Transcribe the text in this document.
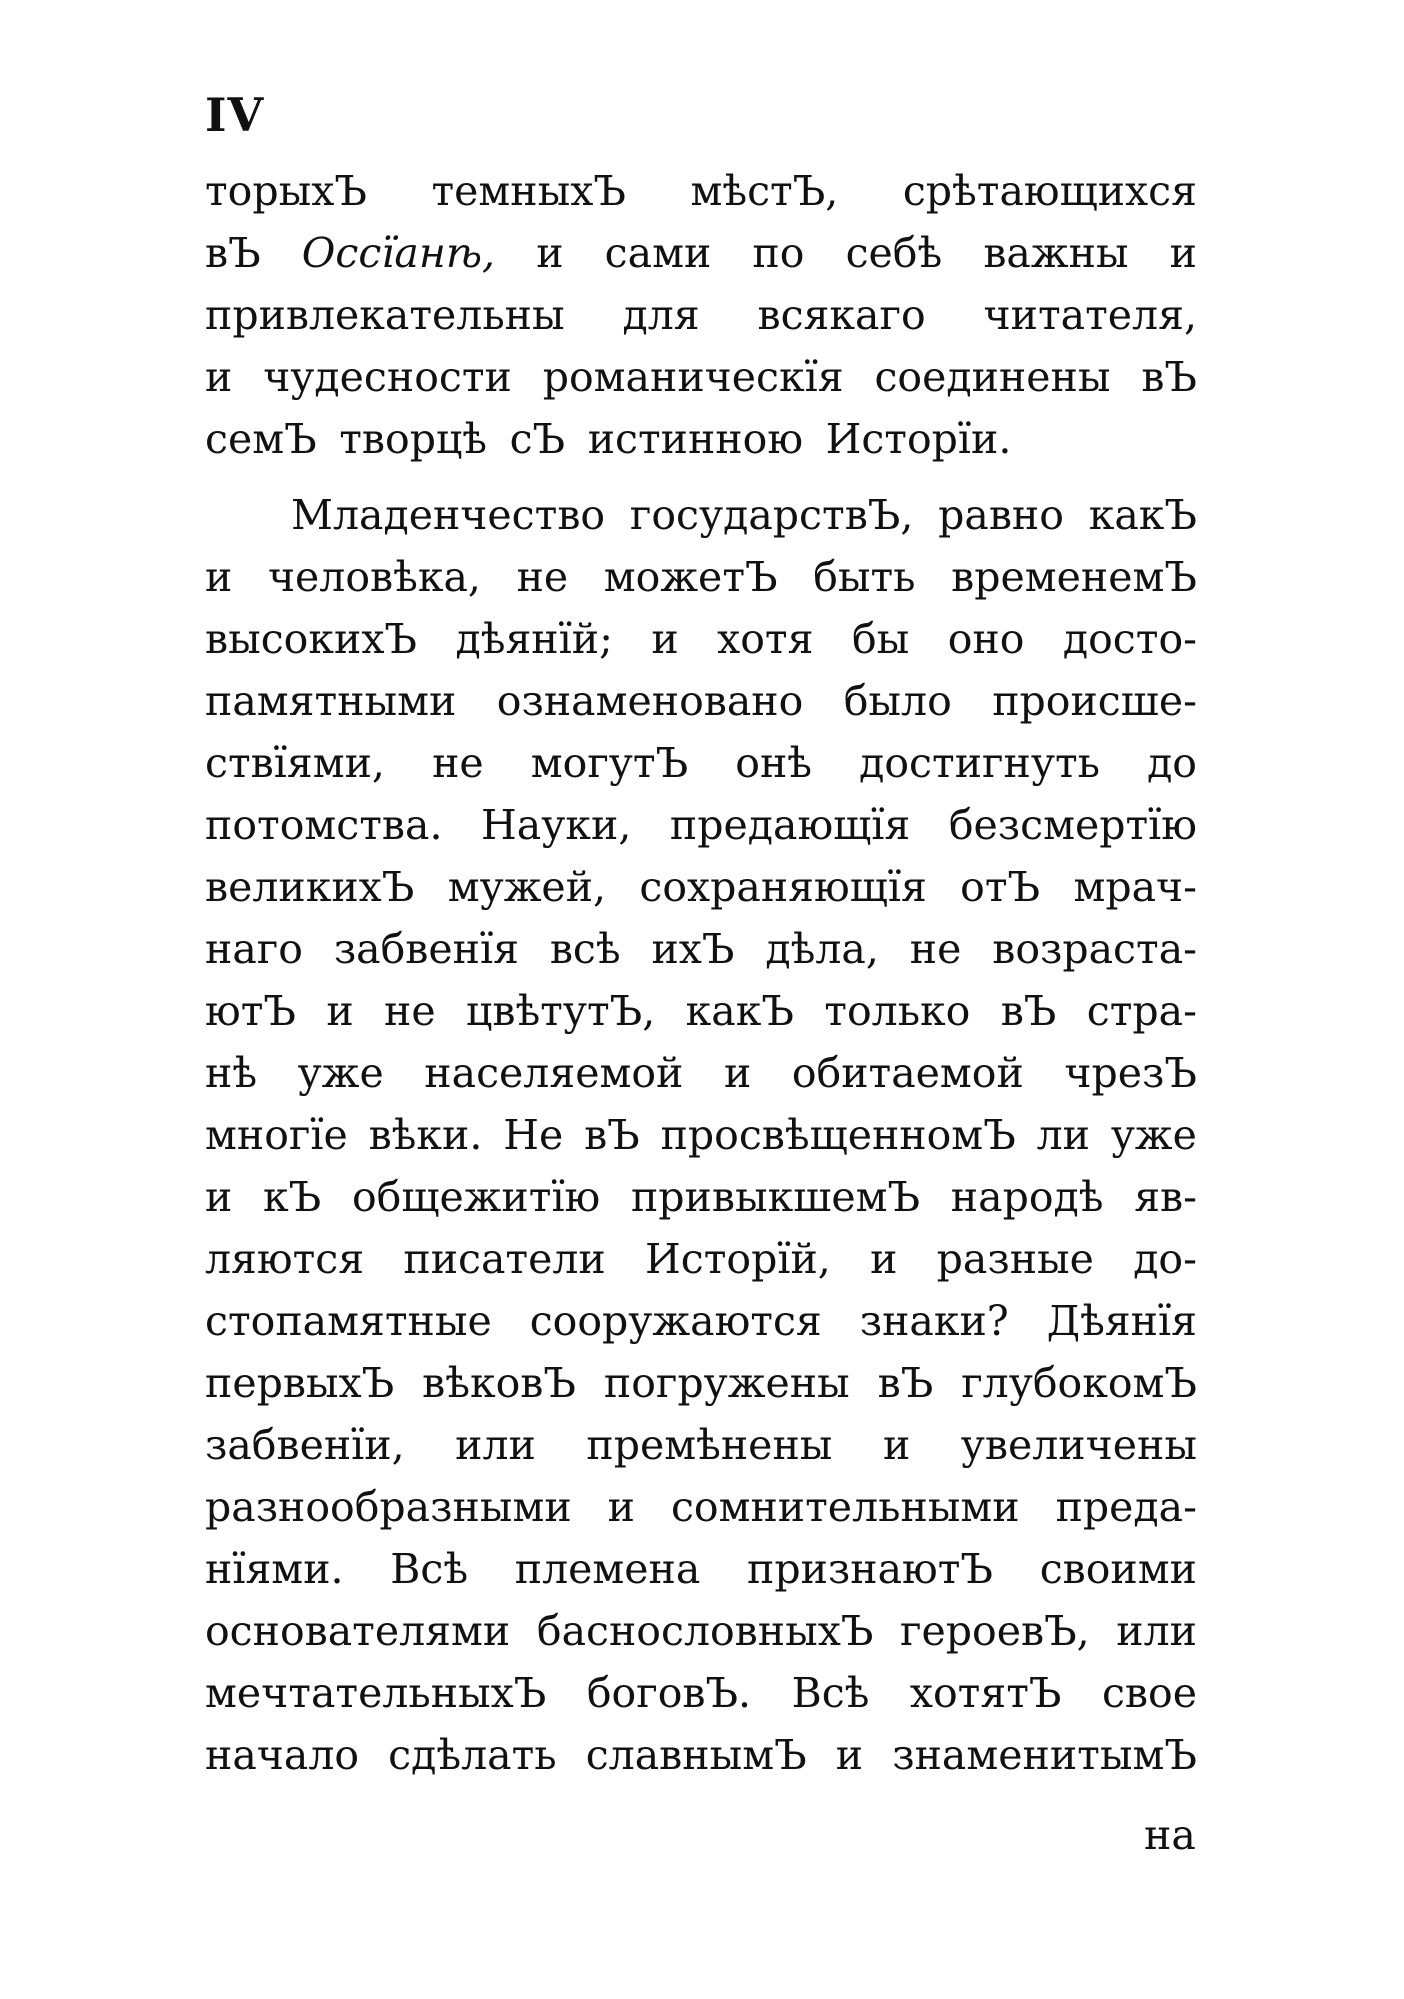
IV
торыхЪ темныхЪ мѣстЪ, срѣтающихся
вЪ Оссїанѣ, и сами по себѣ важны и
привлекательны для всякаго читателя,
и чудесности романическїя соединены вЪ
семЪ творцѣ сЪ истинною Исторїи.
Младенчество государствЪ, равно какЪ
и человѣка, не можетЪ быть временемЪ
высокихЪ дѣянїй; и хотя бы оно досто-
памятными ознаменовано было происше-
ствїями, не могутЪ онѣ достигнуть до
потомства. Науки, предающїя безсмертїю
великихЪ мужей, сохраняющїя отЪ мрач-
наго забвенїя всѣ ихЪ дѣла, не возраста-
ютЪ и не цвѣтутЪ, какЪ только вЪ стра-
нѣ уже населяемой и обитаемой чрезЪ
многїе вѣки. Не вЪ просвѣщенномЪ ли уже
и кЪ общежитїю привыкшемЪ народѣ яв-
ляются писатели Исторїй, и разные до-
стопамятные сооружаются знаки? Дѣянїя
первыхЪ вѣковЪ погружены вЪ глубокомЪ
забвенїи, или премѣнены и увеличены
разнообразными и сомнительными преда-
нїями. Всѣ племена признаютЪ своими
основателями баснословныхЪ героевЪ, или
мечтательныхЪ боговЪ. Всѣ хотятЪ свое
начало сдѣлать славнымЪ и знаменитымЪ
на
